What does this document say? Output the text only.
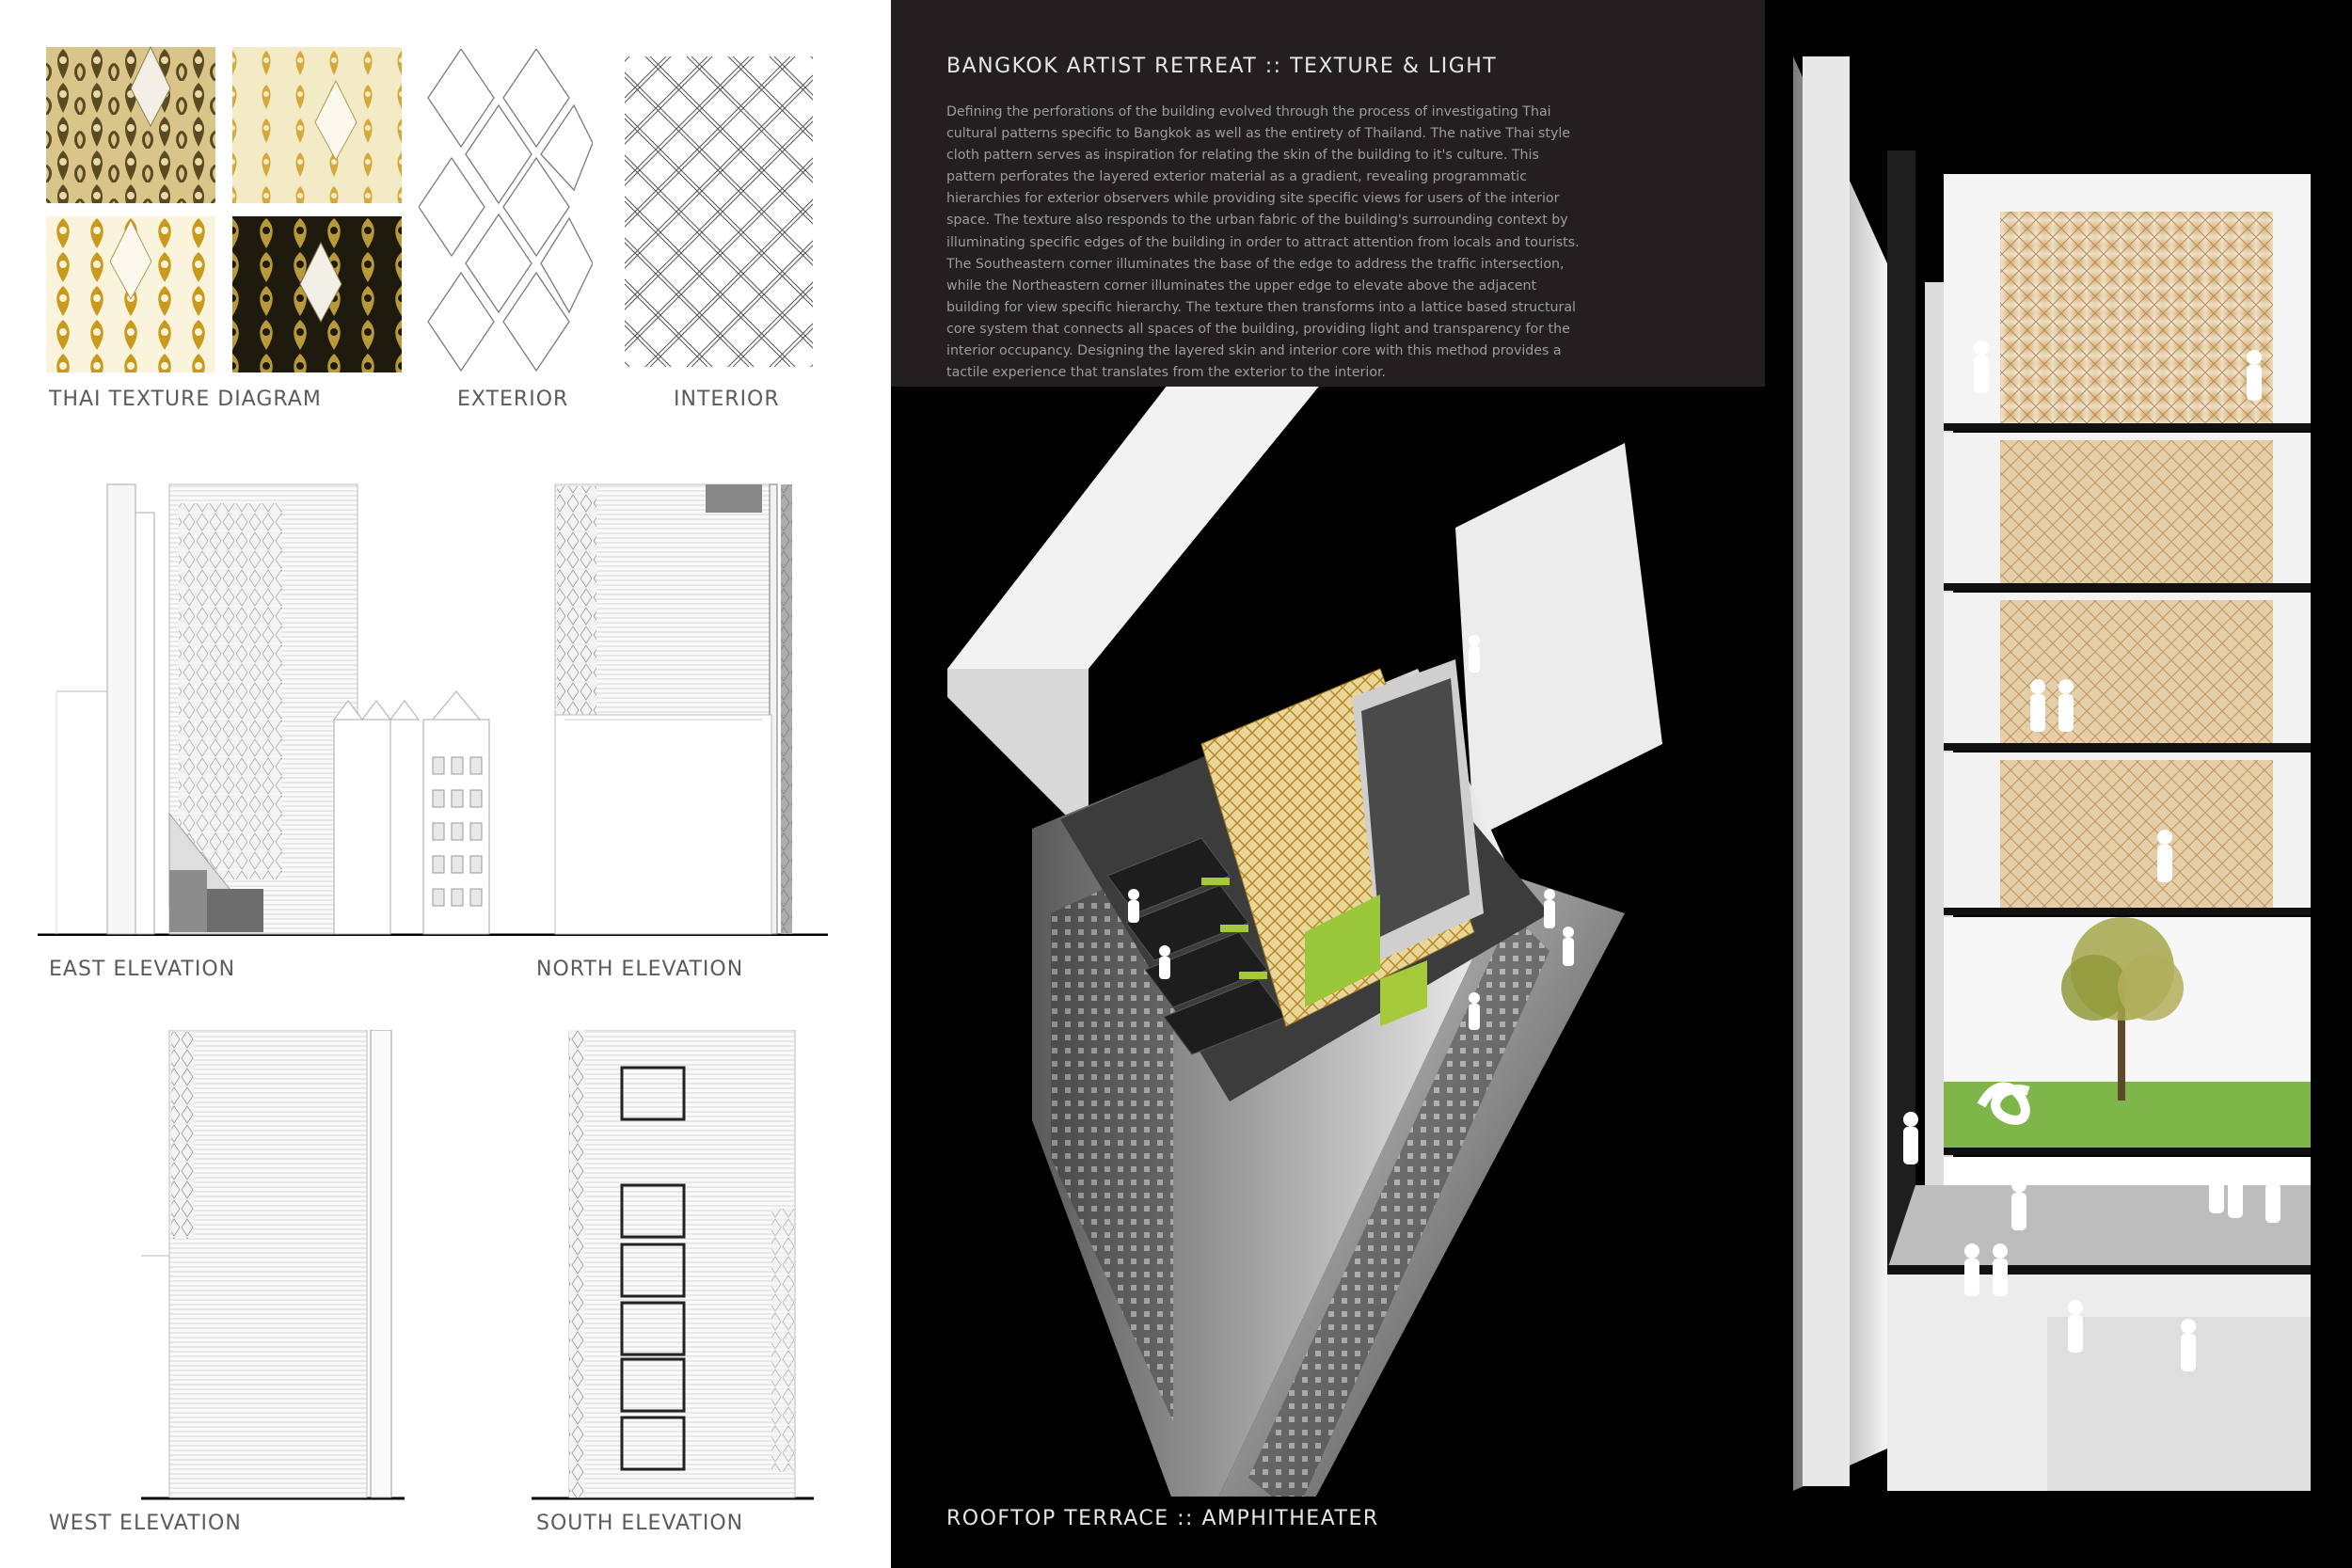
THAI TEXTURE DIAGRAM	EXTERIOR	INTERIOR
EAST ELEVATION	NORTH ELEVATION
WEST ELEVATION	SOUTH ELEVATION
BANGKOK ARTIST RETREAT :: TEXTURE & LIGHT

Defining the perforations of the building evolved through the process of investigating Thai cultural patterns specific to Bangkok as well as the entirety of Thailand. The native Thai style cloth pattern serves as inspiration for relating the skin of the building to it's culture. This pattern perforates the layered exterior material as a gradient, revealing programmatic hierarchies for exterior observers while providing site specific views for users of the interior space. The texture also responds to the urban fabric of the building's surrounding context by illuminating specific edges of the building in order to attract attention from locals and tourists. The Southeastern corner illuminates the base of the edge to address the traffic intersection, while the Northeastern corner illuminates the upper edge to elevate above the adjacent building for view specific hierarchy. The texture then transforms into a lattice based structural core system that connects all spaces of the building, providing light and transparency for the interior occupancy. Designing the layered skin and interior core with this method provides a tactile experience that translates from the exterior to the interior.

ROOFTOP TERRACE :: AMPHITHEATER
